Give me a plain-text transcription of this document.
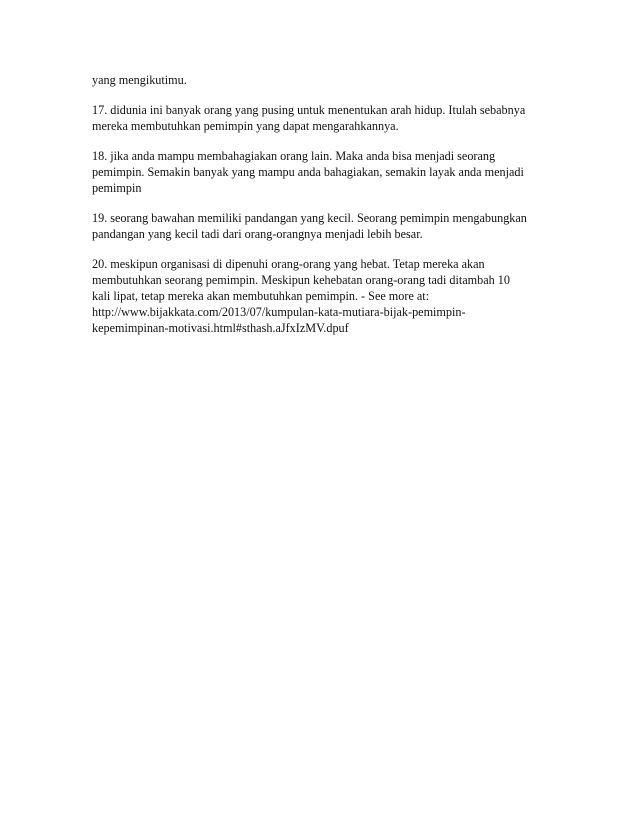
yang mengikutimu.

17. didunia ini banyak orang yang pusing untuk menentukan arah hidup. Itulah sebabnya
mereka membutuhkan pemimpin yang dapat mengarahkannya.

18. jika anda mampu membahagiakan orang lain. Maka anda bisa menjadi seorang
pemimpin. Semakin banyak yang mampu anda bahagiakan, semakin layak anda menjadi
pemimpin

19. seorang bawahan memiliki pandangan yang kecil. Seorang pemimpin mengabungkan
pandangan yang kecil tadi dari orang-orangnya menjadi lebih besar.

20. meskipun organisasi di dipenuhi orang-orang yang hebat. Tetap mereka akan
membutuhkan seorang pemimpin. Meskipun kehebatan orang-orang tadi ditambah 10
kali lipat, tetap mereka akan membutuhkan pemimpin. - See more at:
http://www.bijakkata.com/2013/07/kumpulan-kata-mutiara-bijak-pemimpin-
kepemimpinan-motivasi.html#sthash.aJfxIzMV.dpuf
